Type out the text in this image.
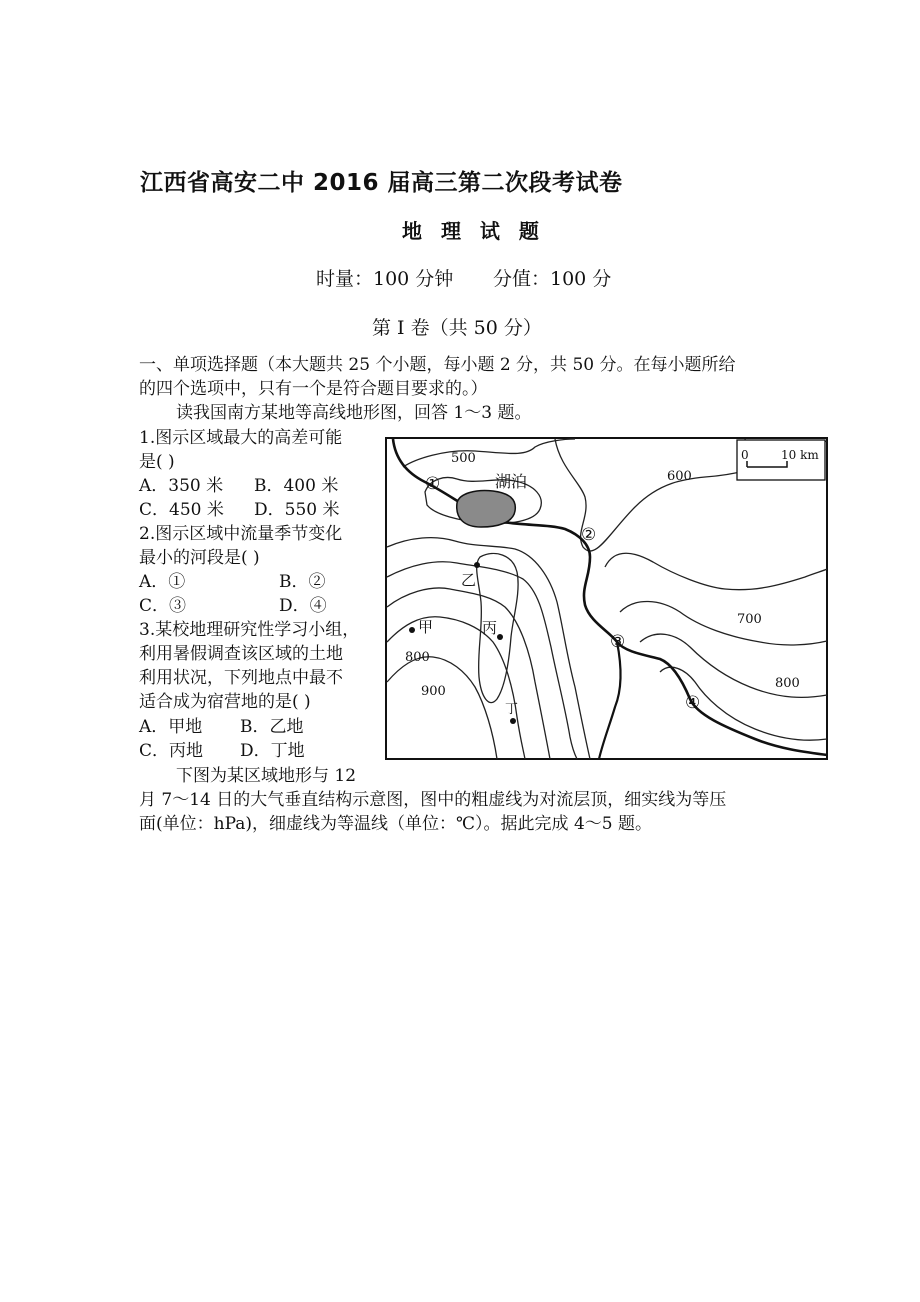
江西省高安二中 2016 届高三第二次段考试卷
地 理 试 题
时量：100 分钟 分值：100 分
第 I 卷（共 50 分）
一、单项选择题（本大题共 25 个小题，每小题 2 分，共 50 分。在每小题所给
的四个选项中，只有一个是符合题目要求的。）
读我国南方某地等高线地形图，回答 1～3 题。
1.图示区域最大的高差可能
是( )
A．350 米 B．400 米
C．450 米 D．550 米
2.图示区域中流量季节变化
最小的河段是( )
A．①	B．②
C．③	D．④
3.某校地理研究性学习小组，
利用暑假调查该区域的土地
利用状况，下列地点中最不
适合成为宿营地的是( )
A．甲地 B．乙地
C．丙地 D．丁地
下图为某区域地形与 12
月 7～14 日的大气垂直结构示意图，图中的粗虚线为对流层顶，细实线为等压
面(单位：hPa)，细虚线为等温线（单位：℃）。据此完成 4～5 题。
0	10 km
湖泊
500
600
700
800
800
900
甲
乙
丙
丁
①
②
③
④
